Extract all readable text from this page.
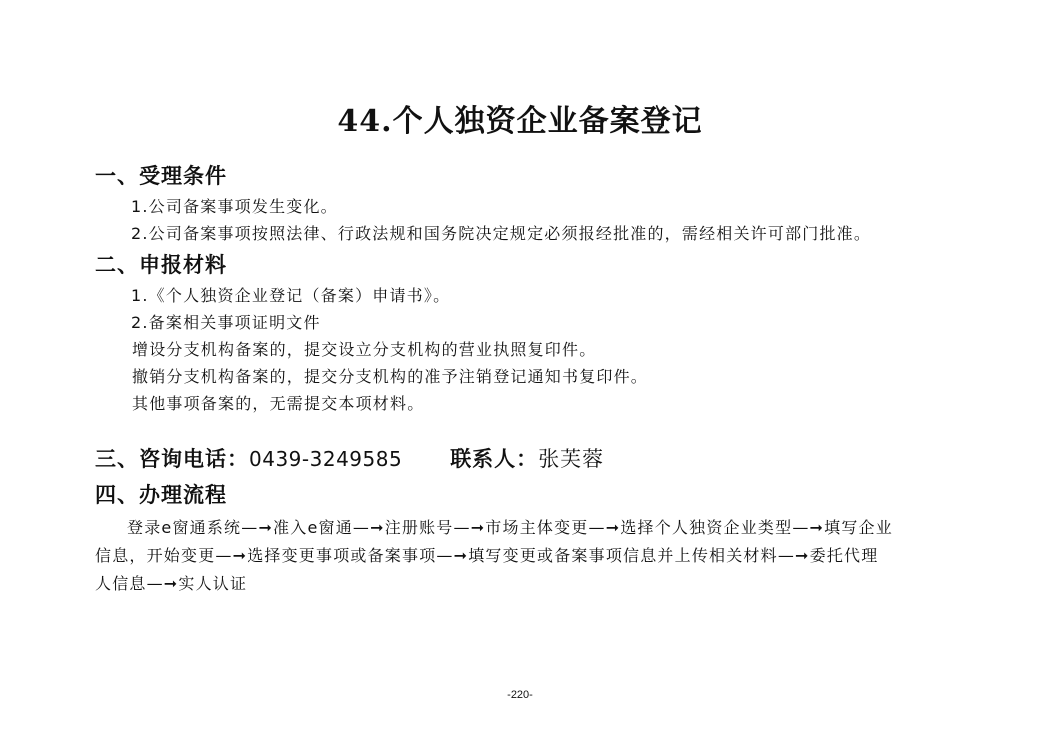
44.个人独资企业备案登记
一、受理条件
1.公司备案事项发生变化。
2.公司备案事项按照法律、行政法规和国务院决定规定必须报经批准的，需经相关许可部门批准。
二、申报材料
1.《个人独资企业登记（备案）申请书》。
2.备案相关事项证明文件
增设分支机构备案的，提交设立分支机构的营业执照复印件。
撤销分支机构备案的，提交分支机构的准予注销登记通知书复印件。
其他事项备案的，无需提交本项材料。
三、咨询电话：0439-3249585 联系人：张芙蓉
四、办理流程
登录e窗通系统—➞准入e窗通—➞注册账号—➞市场主体变更—➞选择个人独资企业类型—➞填写企业
信息，开始变更—➞选择变更事项或备案事项—➞填写变更或备案事项信息并上传相关材料—➞委托代理
人信息—➞实人认证
-220-
